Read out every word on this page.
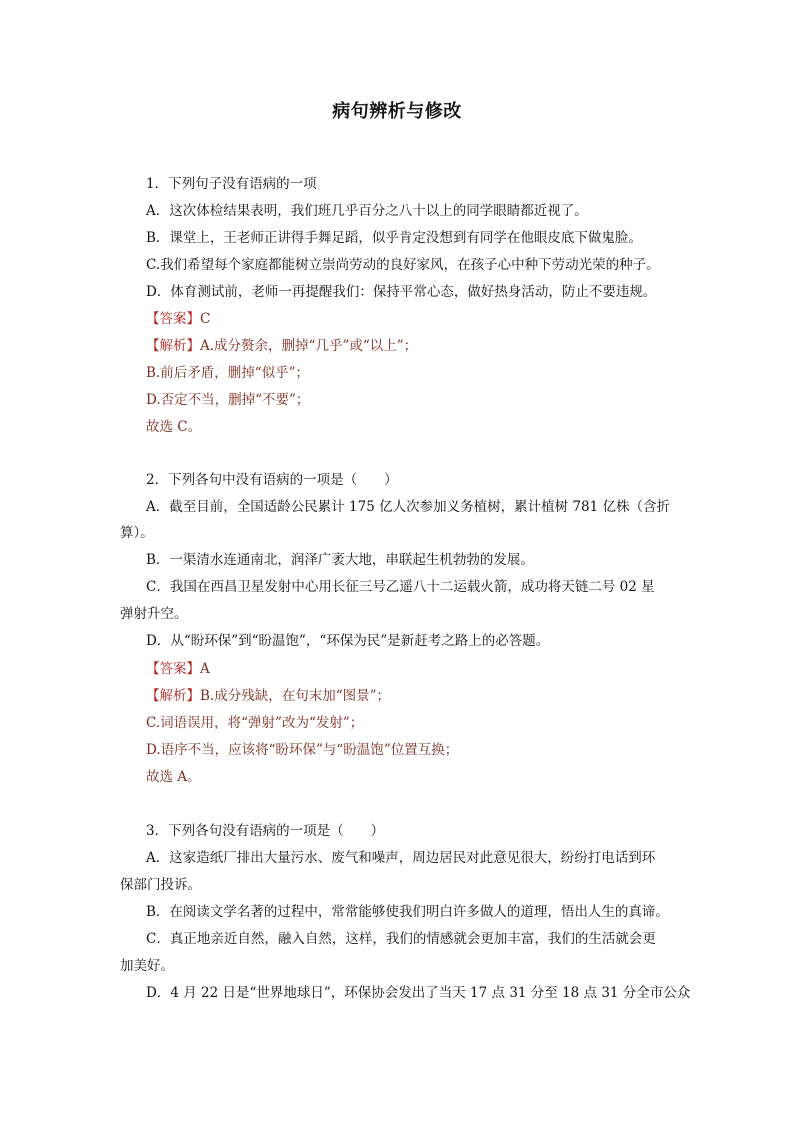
病句辨析与修改
1．下列句子没有语病的一项
A．这次体检结果表明，我们班几乎百分之八十以上的同学眼睛都近视了。
B．课堂上，王老师正讲得手舞足蹈，似乎肯定没想到有同学在他眼皮底下做鬼脸。
C.我们希望每个家庭都能树立崇尚劳动的良好家风，在孩子心中种下劳动光荣的种子。
D．体育测试前，老师一再提醒我们：保持平常心态，做好热身活动，防止不要违规。
【答案】C
【解析】A.成分赘余，删掉“几乎”或“以上”；
B.前后矛盾，删掉“似乎”；
D.否定不当，删掉“不要”；
故选 C。
2．下列各句中没有语病的一项是（　　）
A．截至目前，全国适龄公民累计 175 亿人次参加义务植树，累计植树 781 亿株（含折
算）。
B．一渠清水连通南北，润泽广袤大地，串联起生机勃勃的发展。
C．我国在西昌卫星发射中心用长征三号乙遥八十二运载火箭，成功将天链二号 02 星
弹射升空。
D．从“盼环保”到“盼温饱”，“环保为民”是新赶考之路上的必答题。
【答案】A
【解析】B.成分残缺，在句末加“图景”；
C.词语误用，将“弹射”改为“发射”；
D.语序不当，应该将“盼环保”与“盼温饱”位置互换；
故选 A。
3．下列各句没有语病的一项是（　　）
A．这家造纸厂排出大量污水、废气和噪声，周边居民对此意见很大，纷纷打电话到环
保部门投诉。
B．在阅读文学名著的过程中，常常能够使我们明白许多做人的道理，悟出人生的真谛。
C．真正地亲近自然，融入自然，这样，我们的情感就会更加丰富，我们的生活就会更
加美好。
D．4 月 22 日是“世界地球日”，环保协会发出了当天 17 点 31 分至 18 点 31 分全市公众
